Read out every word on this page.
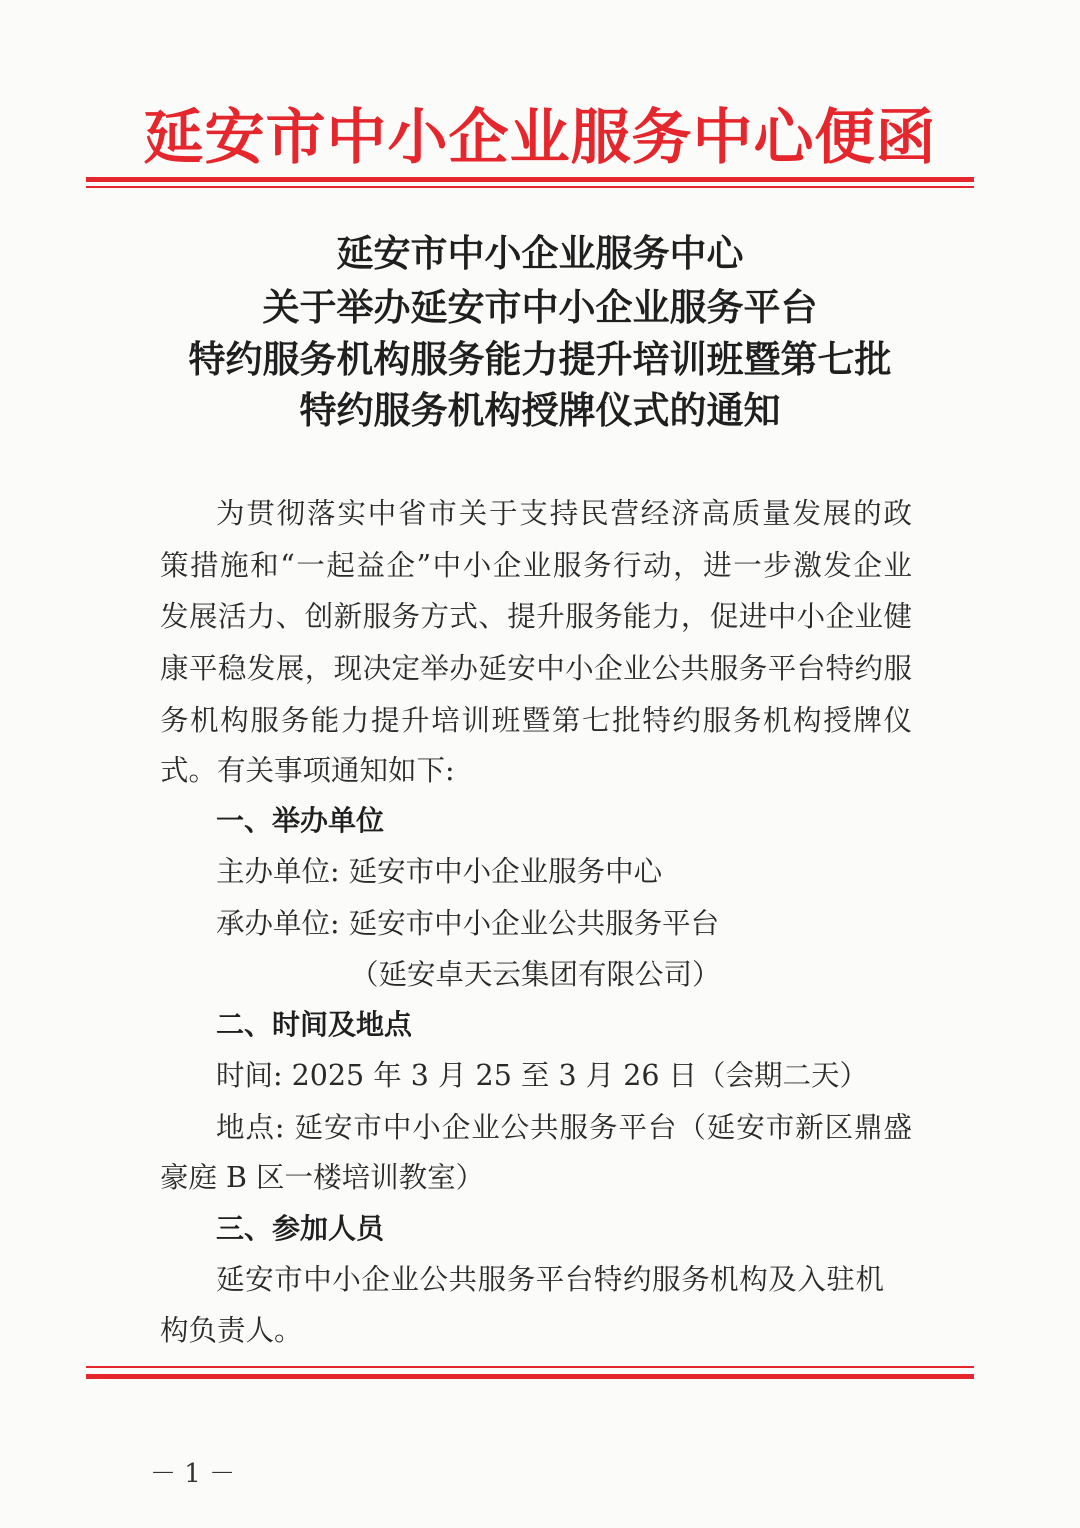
延安市中小企业服务中心便函
延安市中小企业服务中心
关于举办延安市中小企业服务平台
特约服务机构服务能力提升培训班暨第七批
特约服务机构授牌仪式的通知
为贯彻落实中省市关于支持民营经济高质量发展的政
策措施和“一起益企”中小企业服务行动，进一步激发企业
发展活力、创新服务方式、提升服务能力，促进中小企业健
康平稳发展，现决定举办延安中小企业公共服务平台特约服
务机构服务能力提升培训班暨第七批特约服务机构授牌仪
式。有关事项通知如下:
一、举办单位
主办单位: 延安市中小企业服务中心
承办单位: 延安市中小企业公共服务平台
（延安卓天云集团有限公司）
二、时间及地点
时间: 2025 年 3 月 25 至 3 月 26 日（会期二天）
地点: 延安市中小企业公共服务平台（延安市新区鼎盛
豪庭 B 区一楼培训教室）
三、参加人员
延安市中小企业公共服务平台特约服务机构及入驻机
构负责人。
－ 1 －
